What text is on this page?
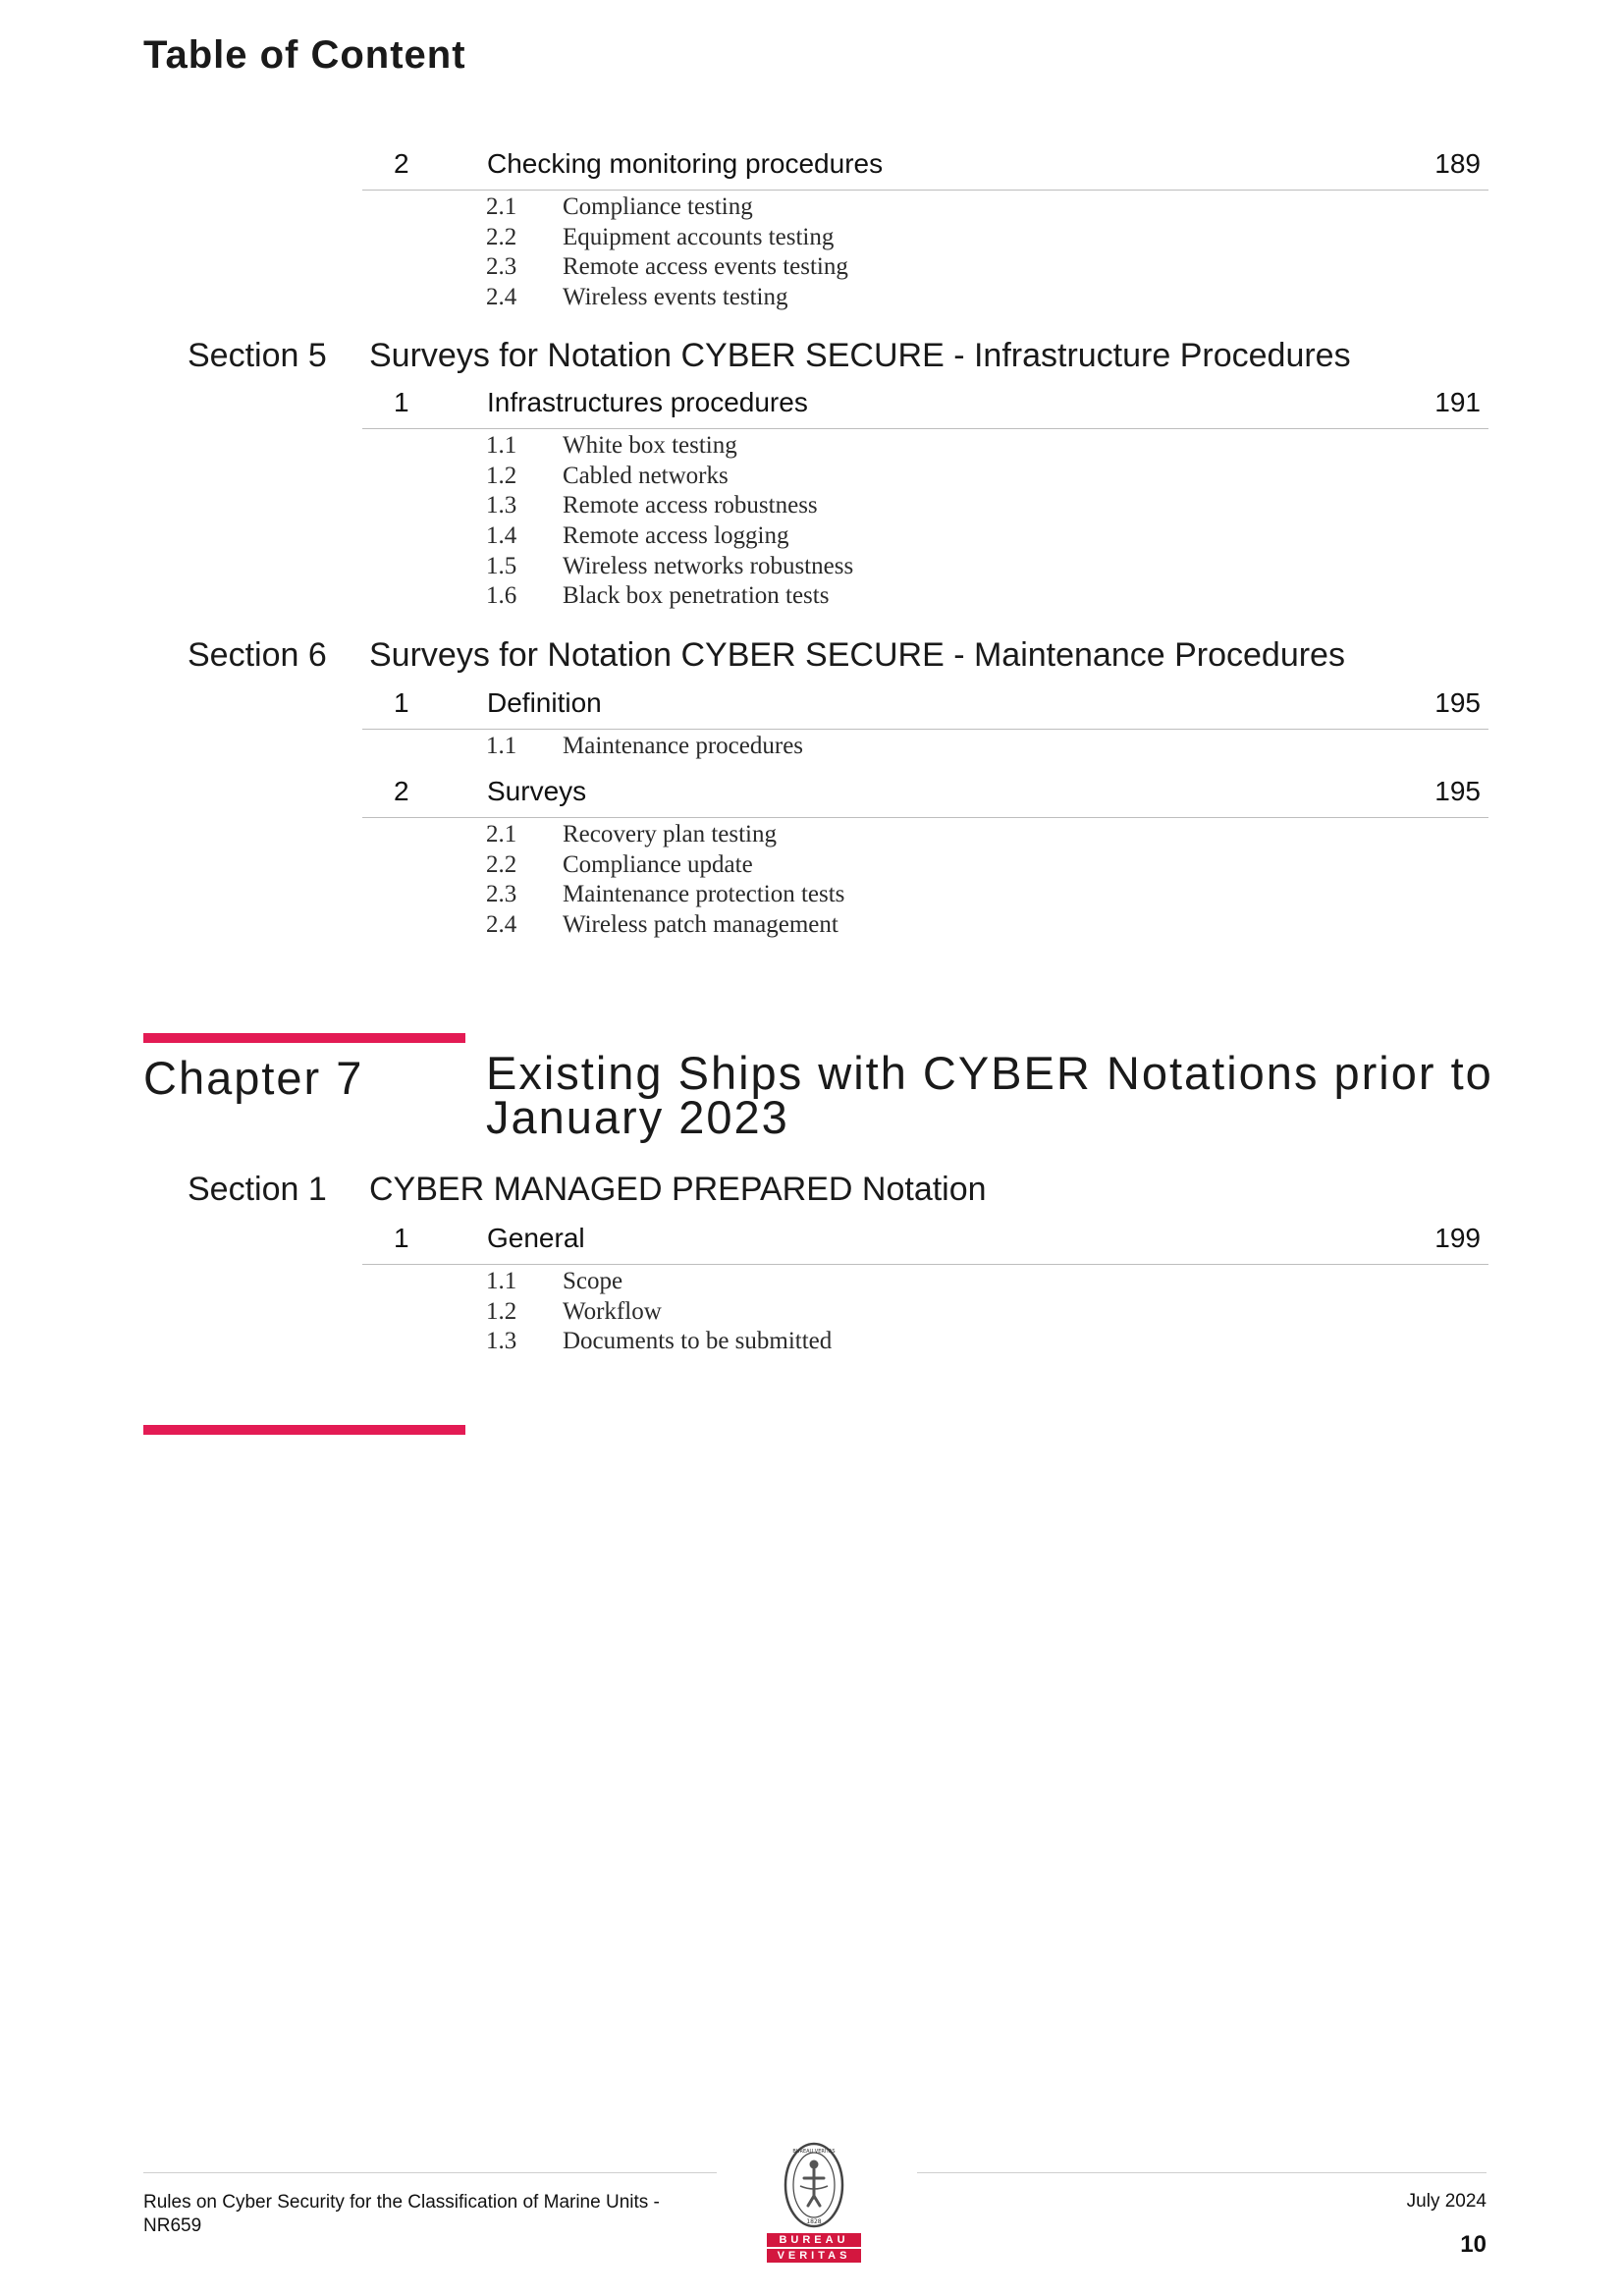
Table of Content
2	Checking monitoring procedures	189
2.1 Compliance testing
2.2 Equipment accounts testing
2.3 Remote access events testing
2.4 Wireless events testing
Section 5 Surveys for Notation CYBER SECURE - Infrastructure Procedures
1	Infrastructures procedures	191
1.1 White box testing
1.2 Cabled networks
1.3 Remote access robustness
1.4 Remote access logging
1.5 Wireless networks robustness
1.6 Black box penetration tests
Section 6 Surveys for Notation CYBER SECURE - Maintenance Procedures
1	Definition	195
1.1 Maintenance procedures
2	Surveys	195
2.1 Recovery plan testing
2.2 Compliance update
2.3 Maintenance protection tests
2.4 Wireless patch management
Chapter 7	Existing Ships with CYBER Notations prior to
January 2023
Section 1 CYBER MANAGED PREPARED Notation
1	General	199
1.1 Scope
1.2 Workflow
1.3 Documents to be submitted
Rules on Cyber Security for the Classification of Marine Units -
NR659
July 2024
10
BUREAU VERITAS
1828
BUREAU
VERITAS
